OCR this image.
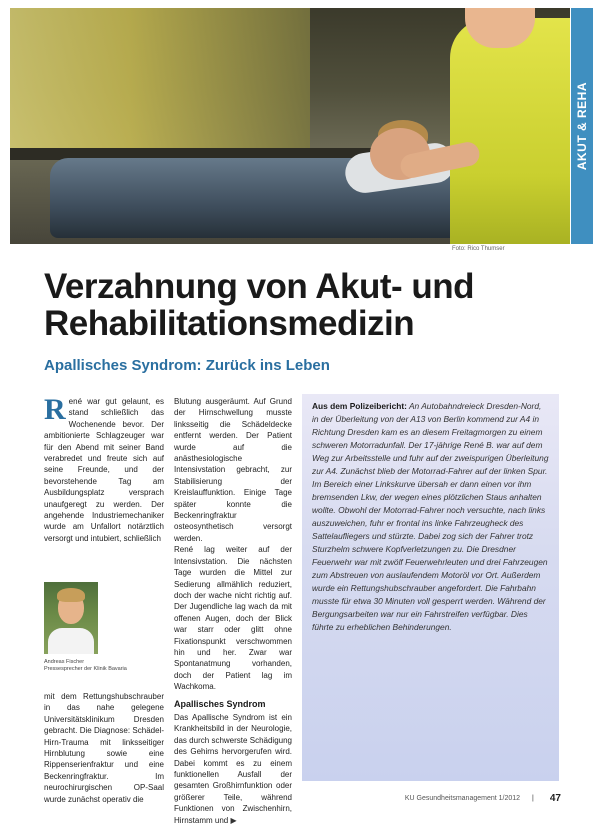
AKUT & REHA
Foto: Rico Thumser
Verzahnung von Akut- und
Rehabilitationsmedizin
Apallisches Syndrom: Zurück ins Leben

René war gut gelaunt, es stand schließlich das Wochenende bevor. Der ambitionierte Schlagzeuger war für den Abend mit seiner Band verabredet und freute sich auf seine Freunde, und der bevorstehende Tag am Ausbildungsplatz versprach unaufgeregt zu werden. Der angehende Industriemechaniker wurde am Unfallort notärztlich versorgt und intubiert, schließlich

Andreas Fischer
Pressesprecher der Klinik Bavaria

mit dem Rettungshubschrauber in das nahe gelegene Universitätsklinikum Dresden gebracht. Die Diagnose: Schädel-Hirn-Trauma mit linksseitiger Hirnblutung sowie eine Rippenserienfraktur und eine Beckenringfraktur. Im neurochirurgischen OP-Saal wurde zunächst operativ die

Blutung ausgeräumt. Auf Grund der Hirnschwellung musste linksseitig die Schädeldecke entfernt werden. Der Patient wurde auf die anästhesiologische Intensivstation gebracht, zur Stabilisierung der Kreislauffunktion. Einige Tage später konnte die Beckenringfraktur osteosynthetisch versorgt werden.

René lag weiter auf der Intensivstation. Die nächsten Tage wurden die Mittel zur Sedierung allmählich reduziert, doch der wache nicht richtig auf. Der Jugendliche lag wach da mit offenen Augen, doch der Blick war starr oder glitt ohne Fixationspunkt verschwommen hin und her. Zwar war Spontanatmung vorhanden, doch der Patient lag im Wachkoma.

Apallisches Syndrom

Das Apallische Syndrom ist ein Krankheitsbild in der Neurologie, das durch schwerste Schädigung des Gehirns hervorgerufen wird. Dabei kommt es zu einem funktionellen Ausfall der gesamten Großhirnfunktion oder größerer Teile, während Funktionen von Zwischenhirn, Hirnstamm und ▶

Aus dem Polizeibericht: An Autobahndreieck Dresden-Nord, in der Überleitung von der A13 von Berlin kommend zur A4 in Richtung Dresden kam es an diesem Freitagmorgen zu einem schweren Motorradunfall. Der 17-jährige René B. war auf dem Weg zur Arbeitsstelle und fuhr auf der zweispurigen Überleitung zur A4. Zunächst blieb der Motorrad-Fahrer auf der linken Spur. Im Bereich einer Linkskurve übersah er dann einen vor ihm bremsenden Lkw, der wegen eines plötzlichen Staus anhalten wollte. Obwohl der Motorrad-Fahrer noch versuchte, nach links auszuweichen, fuhr er frontal ins linke Fahrzeugheck des Sattelaufliegers und stürzte. Dabei zog sich der Fahrer trotz Sturzhelm schwere Kopfverletzungen zu. Die Dresdner Feuerwehr war mit zwölf Feuerwehrleuten und drei Fahrzeugen zum Abstreuen von auslaufendem Motoröl vor Ort. Außerdem wurde ein Rettungshubschrauber angefordert. Die Fahrbahn musste für etwa 30 Minuten voll gesperrt werden. Während der Bergungsarbeiten war nur ein Fahrstreifen verfügbar. Dies führte zu erheblichen Behinderungen.

KU Gesundheitsmanagement 1/2012 | 47
